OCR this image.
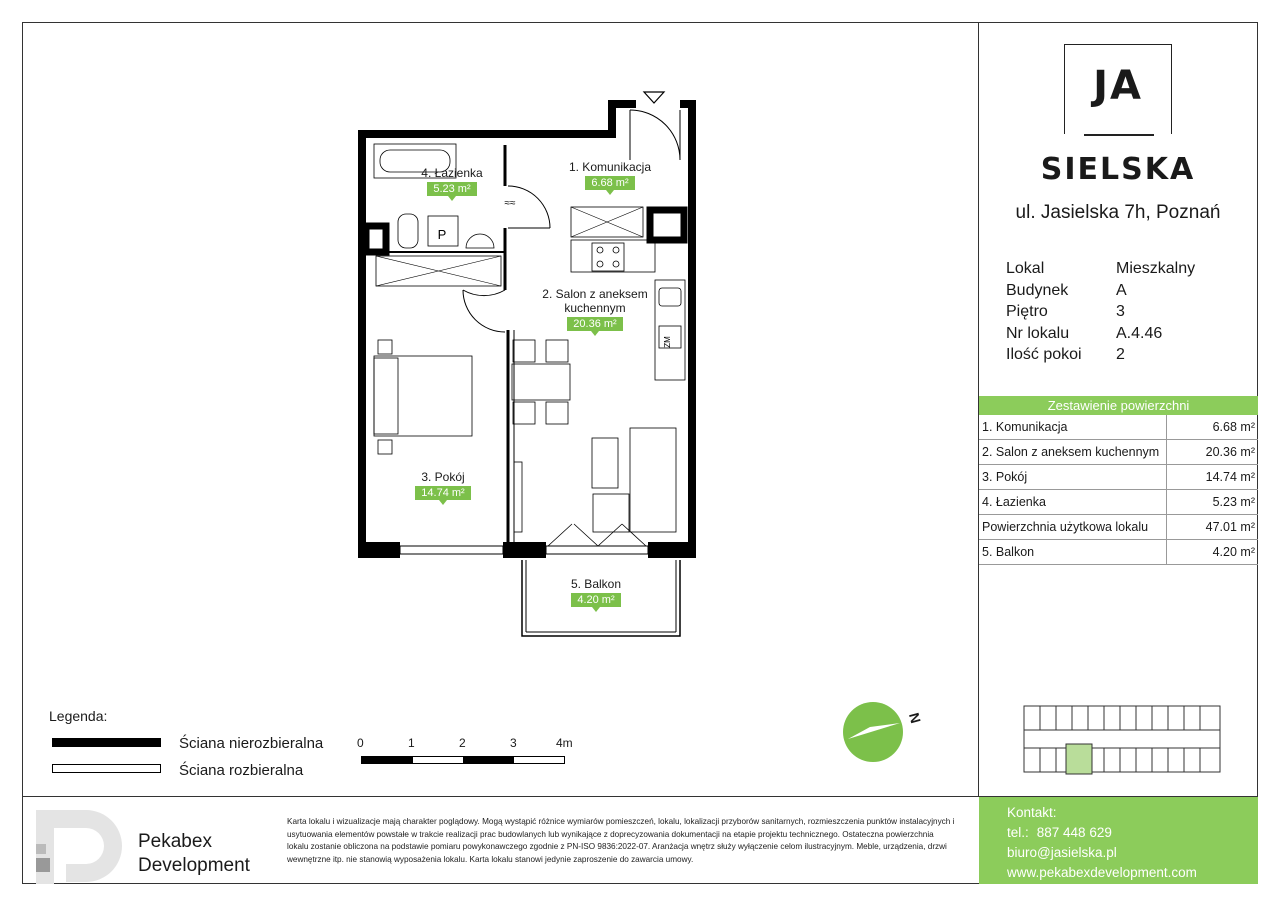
P
ZM
≈≈
1. Komunikacja
6.68 m²
4. Łazienka
5.23 m²
2. Salon z aneksem
kuchennym
20.36 m²
3. Pokój
14.74 m²
5. Balkon
4.20 m²
JA
SIELSKA
ul. Jasielska 7h, Poznań
Lokal	Mieszkalny
Budynek	A
Piętro	3
Nr lokalu	A.4.46
Ilość pokoi	2
Zestawienie powierzchni
1. Komunikacja	6.68 m²
2. Salon z aneksem kuchennym	20.36 m²
3. Pokój	14.74 m²
4. Łazienka	5.23 m²
Powierzchnia użytkowa lokalu	47.01 m²
5. Balkon	4.20 m²
Legenda:
Ściana nierozbieralna
Ściana rozbieralna
0	1	2	3	4m
N
Pekabex
Development
Karta lokalu i wizualizacje mają charakter poglądowy. Mogą wystąpić różnice wymiarów pomieszczeń, lokalu, lokalizacji przyborów sanitarnych, rozmieszczenia punktów instalacyjnych i usytuowania elementów powstałe w trakcie realizacji prac budowlanych lub wynikające z doprecyzowania dokumentacji na etapie projektu technicznego. Ostateczna powierzchnia lokalu zostanie obliczona na podstawie pomiaru powykonawczego zgodnie z PN-ISO 9836:2022-07. Aranżacja wnętrz służy wyłączenie celom ilustracyjnym. Meble, urządzenia, drzwi wewnętrzne itp. nie stanowią wyposażenia lokalu. Karta lokalu stanowi jedynie zaproszenie do zawarcia umowy.
Kontakt:
tel.: 887 448 629
biuro@jasielska.pl
www.pekabexdevelopment.com
